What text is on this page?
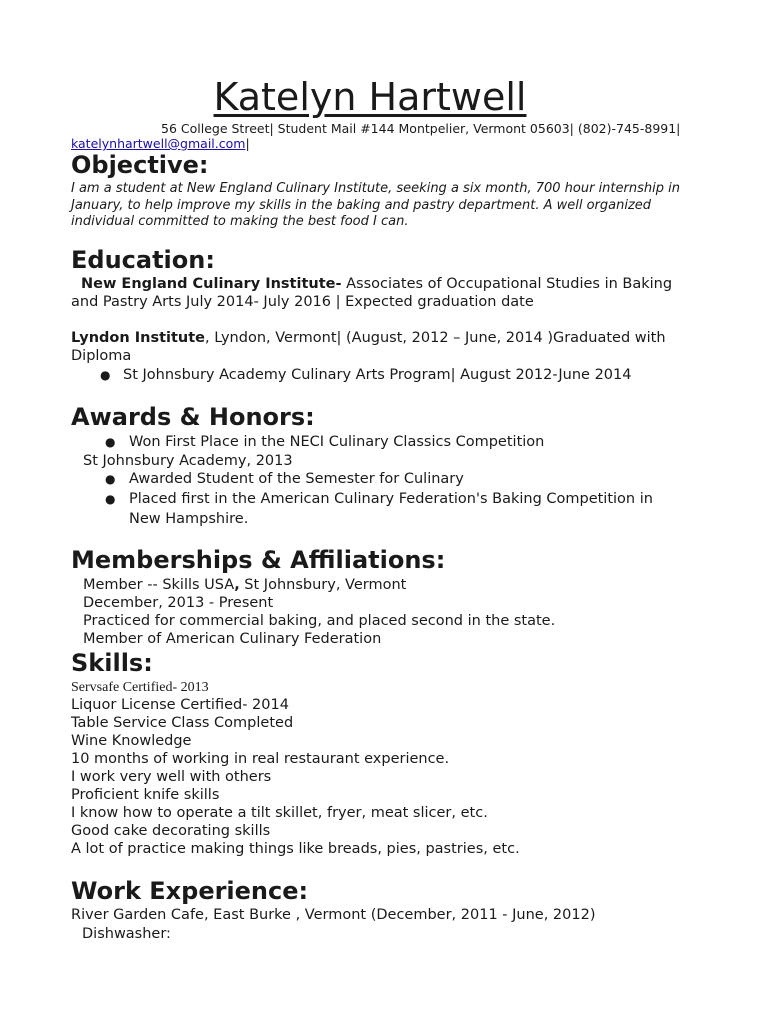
Katelyn Hartwell
56 College Street| Student Mail #144 Montpelier, Vermont 05603| (802)-745-8991|
katelynhartwell@gmail.com|
Objective:
I am a student at New England Culinary Institute, seeking a six month, 700 hour internship in
January, to help improve my skills in the baking and pastry department. A well organized
individual committed to making the best food I can.
Education:
New England Culinary Institute- Associates of Occupational Studies in Baking
and Pastry Arts July 2014- July 2016 | Expected graduation date
Lyndon Institute, Lyndon, Vermont| (August, 2012 – June, 2014 )Graduated with
Diploma
● St Johnsbury Academy Culinary Arts Program| August 2012-June 2014
Awards & Honors:
● Won First Place in the NECI Culinary Classics Competition
St Johnsbury Academy, 2013
● Awarded Student of the Semester for Culinary
● Placed first in the American Culinary Federation's Baking Competition in
New Hampshire.
Memberships & Affiliations:
Member -- Skills USA, St Johnsbury, Vermont
December, 2013 - Present
Practiced for commercial baking, and placed second in the state.
Member of American Culinary Federation
Skills:
Servsafe Certified- 2013
Liquor License Certified- 2014
Table Service Class Completed
Wine Knowledge
10 months of working in real restaurant experience.
I work very well with others
Proficient knife skills
I know how to operate a tilt skillet, fryer, meat slicer, etc.
Good cake decorating skills
A lot of practice making things like breads, pies, pastries, etc.
Work Experience:
River Garden Cafe, East Burke , Vermont (December, 2011 - June, 2012)
Dishwasher:
